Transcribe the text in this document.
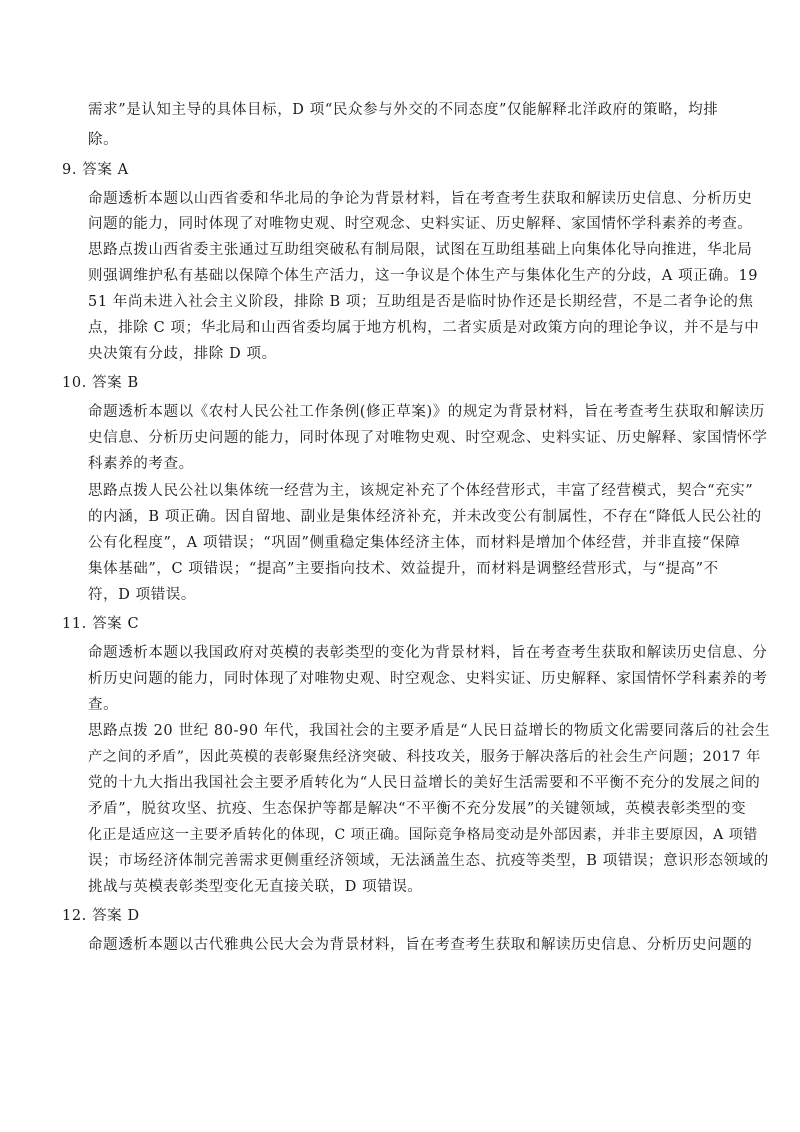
需求”是认知主导的具体目标，D 项“民众参与外交的不同态度”仅能解释北洋政府的策略，均排
除。
9. 答案 A
命题透析本题以山西省委和华北局的争论为背景材料，旨在考查考生获取和解读历史信息、分析历史
问题的能力，同时体现了对唯物史观、时空观念、史料实证、历史解释、家国情怀学科素养的考查。
思路点拨山西省委主张通过互助组突破私有制局限，试图在互助组基础上向集体化导向推进，华北局
则强调维护私有基础以保障个体生产活力，这一争议是个体生产与集体化生产的分歧，A 项正确。19
51 年尚未进入社会主义阶段，排除 B 项；互助组是否是临时协作还是长期经营，不是二者争论的焦
点，排除 C 项；华北局和山西省委均属于地方机构，二者实质是对政策方向的理论争议，并不是与中
央决策有分歧，排除 D 项。
10. 答案 B
命题透析本题以《农村人民公社工作条例(修正草案)》的规定为背景材料，旨在考查考生获取和解读历
史信息、分析历史问题的能力，同时体现了对唯物史观、时空观念、史料实证、历史解释、家国情怀学
科素养的考查。
思路点拨人民公社以集体统一经营为主，该规定补充了个体经营形式，丰富了经营模式，契合“充实”
的内涵，B 项正确。因自留地、副业是集体经济补充，并未改变公有制属性，不存在“降低人民公社的
公有化程度”，A 项错误；“巩固”侧重稳定集体经济主体，而材料是增加个体经营，并非直接“保障
集体基础”，C 项错误；“提高”主要指向技术、效益提升，而材料是调整经营形式，与“提高”不
符，D 项错误。
11. 答案 C
命题透析本题以我国政府对英模的表彰类型的变化为背景材料，旨在考查考生获取和解读历史信息、分
析历史问题的能力，同时体现了对唯物史观、时空观念、史料实证、历史解释、家国情怀学科素养的考
查。
思路点拨 20 世纪 80-90 年代，我国社会的主要矛盾是“人民日益增长的物质文化需要同落后的社会生
产之间的矛盾”，因此英模的表彰聚焦经济突破、科技攻关，服务于解决落后的社会生产问题；2017 年
党的十九大指出我国社会主要矛盾转化为“人民日益增长的美好生活需要和不平衡不充分的发展之间的
矛盾”，脱贫攻坚、抗疫、生态保护等都是解决“不平衡不充分发展”的关键领域，英模表彰类型的变
化正是适应这一主要矛盾转化的体现，C 项正确。国际竞争格局变动是外部因素，并非主要原因，A 项错
误；市场经济体制完善需求更侧重经济领域，无法涵盖生态、抗疫等类型，B 项错误；意识形态领域的
挑战与英模表彰类型变化无直接关联，D 项错误。
12. 答案 D
命题透析本题以古代雅典公民大会为背景材料，旨在考查考生获取和解读历史信息、分析历史问题的
